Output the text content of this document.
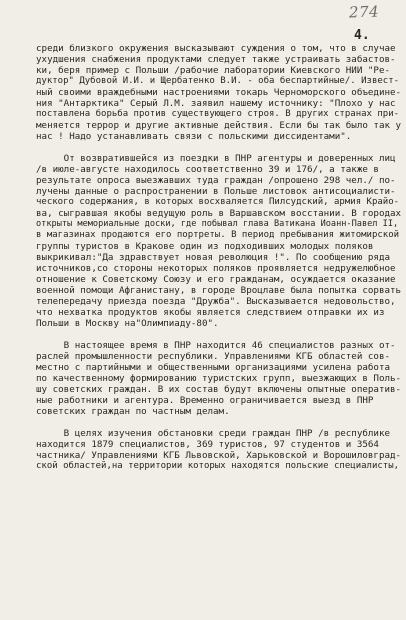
274
4.
среди близкого окружения высказывают суждения о том, что в случае
ухудшения снабжения продуктами следует также устраивать забастов-
ки, беря пример с Польши /рабочие лаборатории Киевского НИИ "Ре-
дуктор" Дубовой И.И. и Щербатенко В.И. - оба беспартийные/. Извест-
ный своими враждебными настроениями токарь Черноморского объедине-
ния "Антарктика" Серый Л.М. заявил нашему источнику: "Плохо у нас
поставлена борьба против существующего строя. В других странах при-
меняется террор и другие активные действия. Если бы так было так у
нас ! Надо устанавливать связи с польскими диссидентами".
От возвратившейся из поездки в ПНР агентуры и доверенных лиц
/в июле-августе находилось соответственно 39 и 176/, а также в
результате опроса выезжавших туда граждан /опрошено 298 чел./ по-
лучены данные о распространении в Польше листовок антисоциалисти-
ческого содержания, в которых восхваляется Пилсудский, армия Крайо-
ва, сыгравшая якобы ведущую роль в Варшавском восстании. В городах
открыты мемориальные доски, где побывал глава Ватикана Иоанн-Павел II,
в магазинах продаются его портреты. В период пребывания житомирской
группы туристов в Кракове один из подходивших молодых поляков
выкрикивал:"Да здравствует новая революция !". По сообщению ряда
источников,со стороны некоторых поляков проявляется недружелюбное
отношение к Советскому Союзу и его гражданам, осуждается оказание
военной помощи Афганистану, в городе Вроцлаве была попытка сорвать
телепередачу приезда поезда "Дружба". Высказывается недовольство,
что нехватка продуктов якобы является следствием отправки их из
Польши в Москву на"Олимпиаду-80".
В настоящее время в ПНР находится 46 специалистов разных от-
раслей промышленности республики. Управлениями КГБ областей сов-
местно с партийными и общественными организациями усилена работа
по качественному формированию туристских групп, выезжающих в Поль-
шу советских граждан. В их состав будут включены опытные оператив-
ные работники и агентура. Временно ограничивается выезд в ПНР
советских граждан по частным делам.
В целях изучения обстановки среди граждан ПНР /в республике
находится 1879 специалистов, 369 туристов, 97 студентов и 3564
частника/ Управлениями КГБ Львовской, Харьковской и Ворошиловград-
ской областей,на территории которых находятся польские специалисты,
